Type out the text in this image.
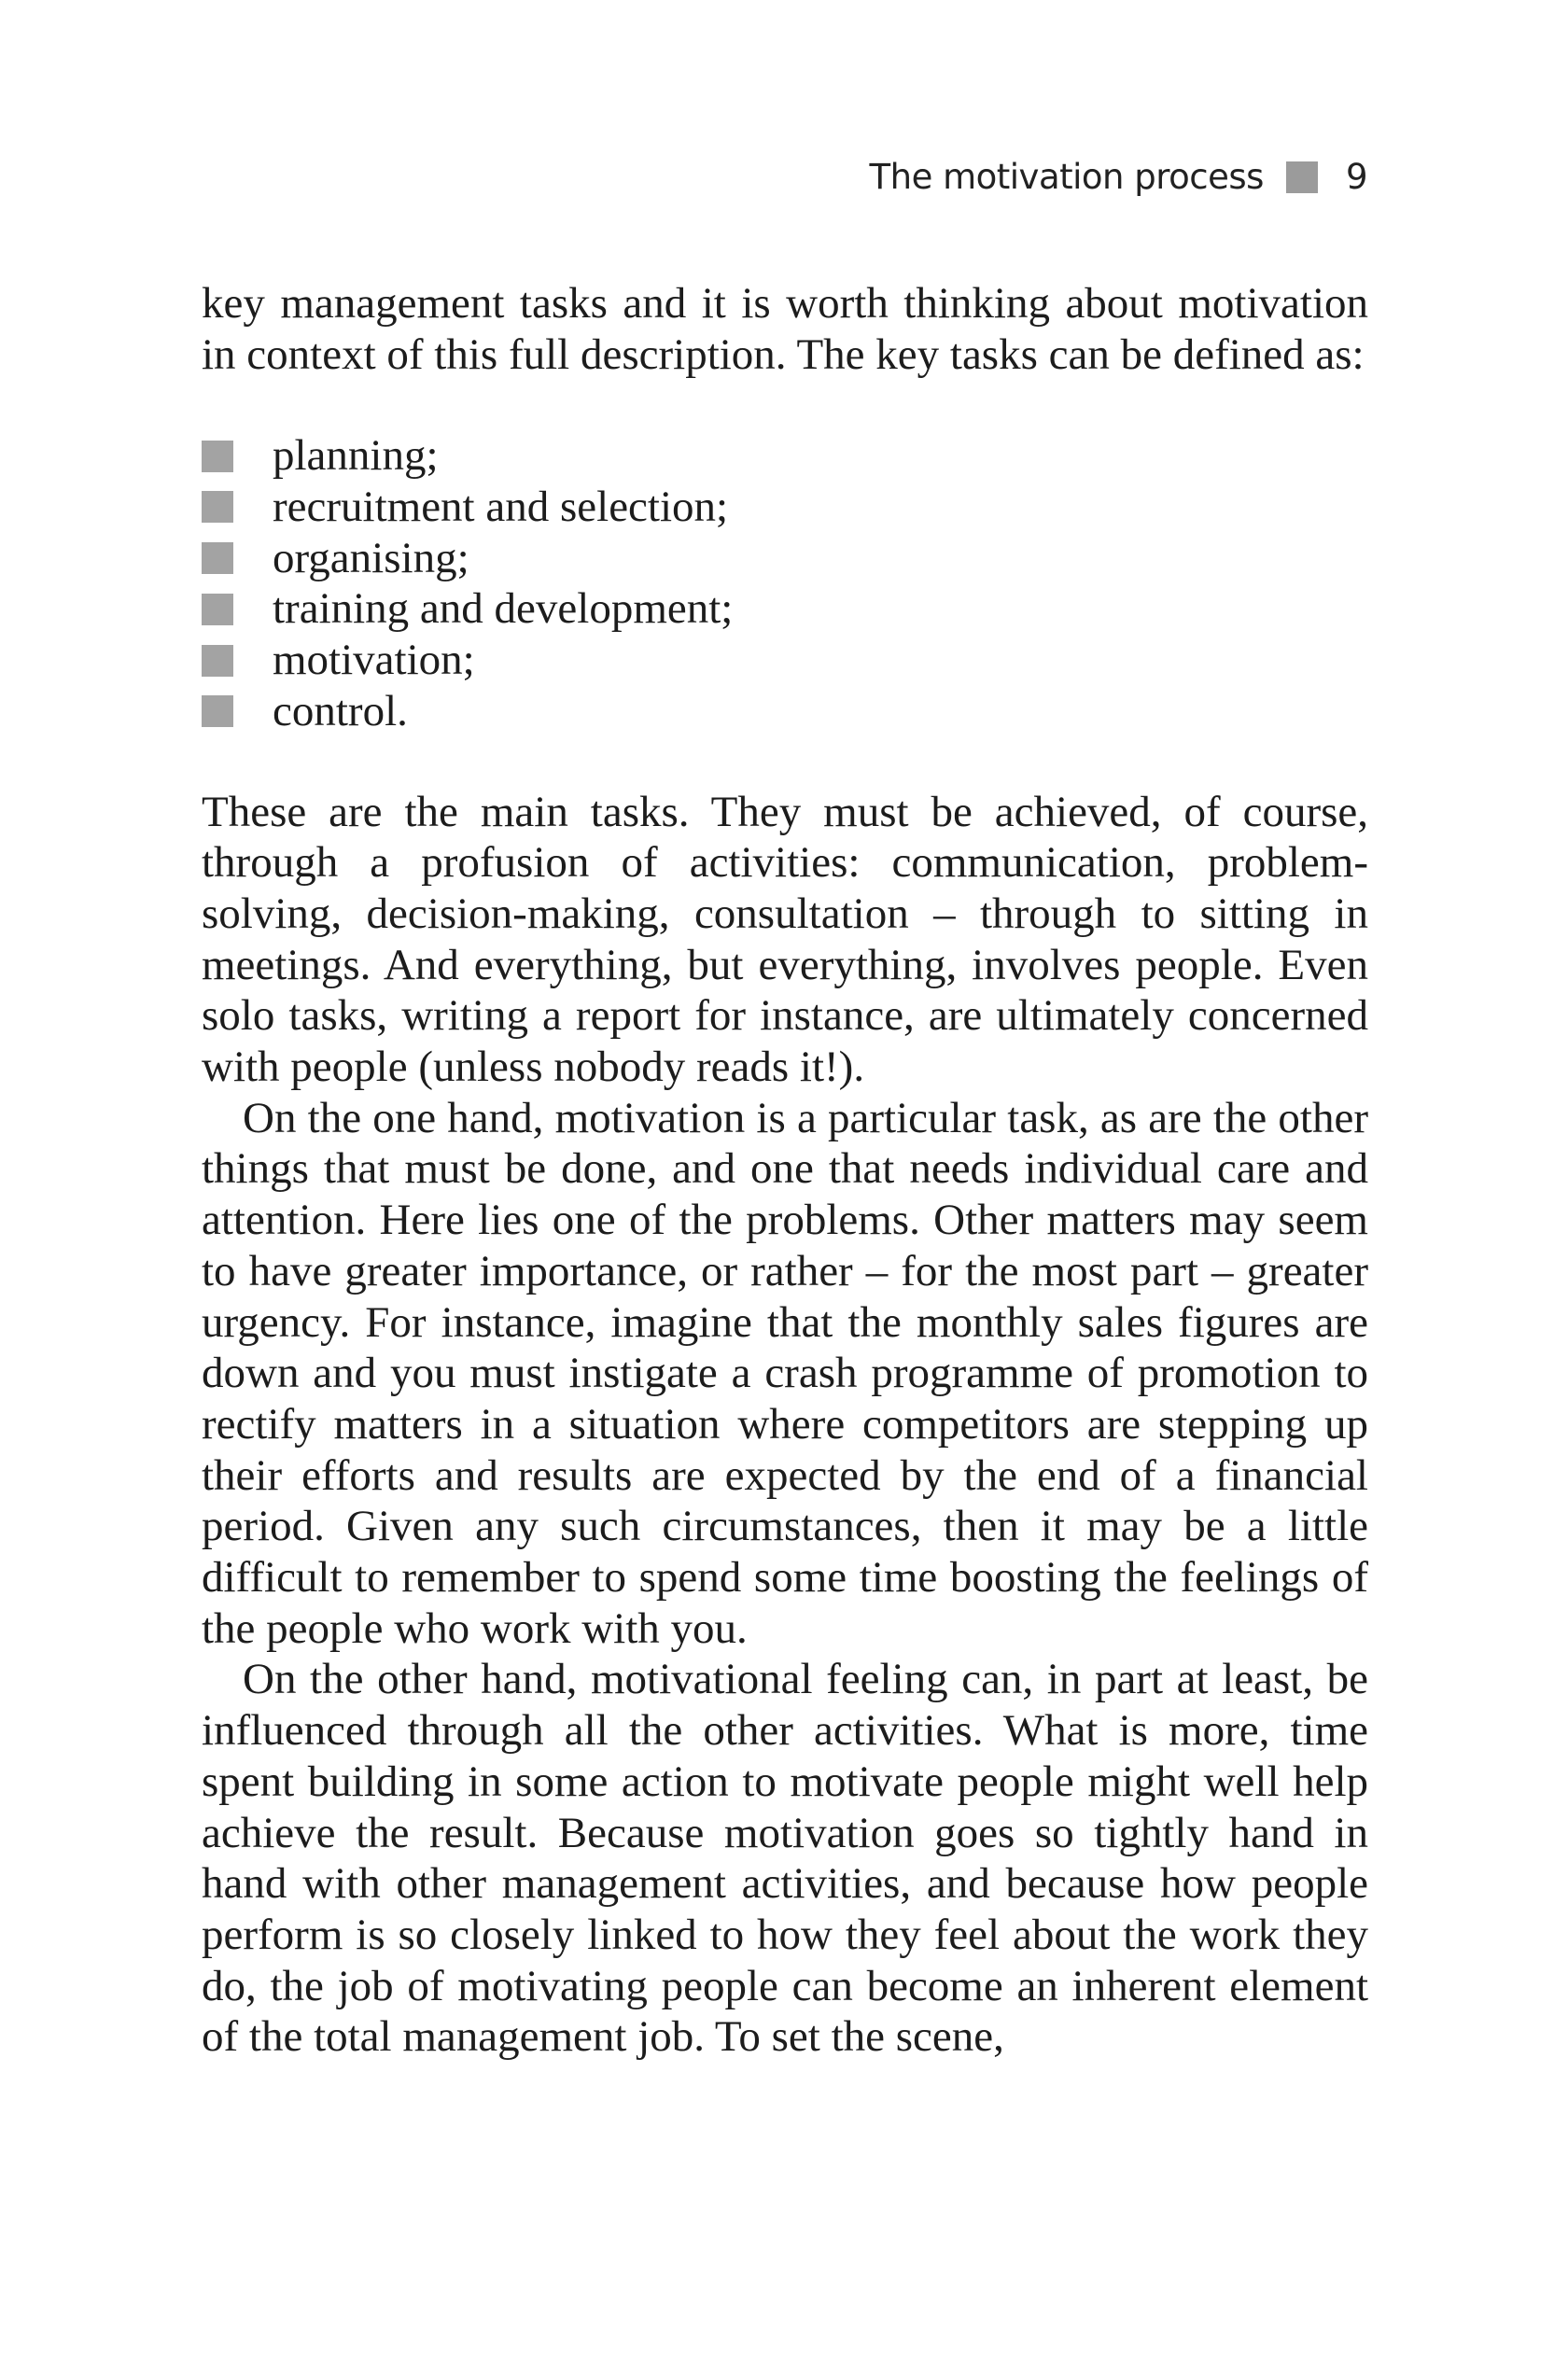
The motivation process 9

key management tasks and it is worth thinking about motivation in context of this full description. The key tasks can be defined as:

planning;
recruitment and selection;
organising;
training and development;
motivation;
control.

These are the main tasks. They must be achieved, of course, through a profusion of activities: communication, problem-solving, decision-making, consultation – through to sitting in meetings. And everything, but everything, involves people. Even solo tasks, writing a report for instance, are ultimately concerned with people (unless nobody reads it!).

On the one hand, motivation is a particular task, as are the other things that must be done, and one that needs individual care and attention. Here lies one of the problems. Other matters may seem to have greater importance, or rather – for the most part – greater urgency. For instance, imagine that the monthly sales figures are down and you must instigate a crash programme of promotion to rectify matters in a situation where competitors are stepping up their efforts and results are expected by the end of a financial period. Given any such circumstances, then it may be a little difficult to remember to spend some time boosting the feelings of the people who work with you.

On the other hand, motivational feeling can, in part at least, be influenced through all the other activities. What is more, time spent building in some action to motivate people might well help achieve the result. Because motivation goes so tightly hand in hand with other management activities, and because how people perform is so closely linked to how they feel about the work they do, the job of motivating people can become an inherent element of the total management job. To set the scene,
